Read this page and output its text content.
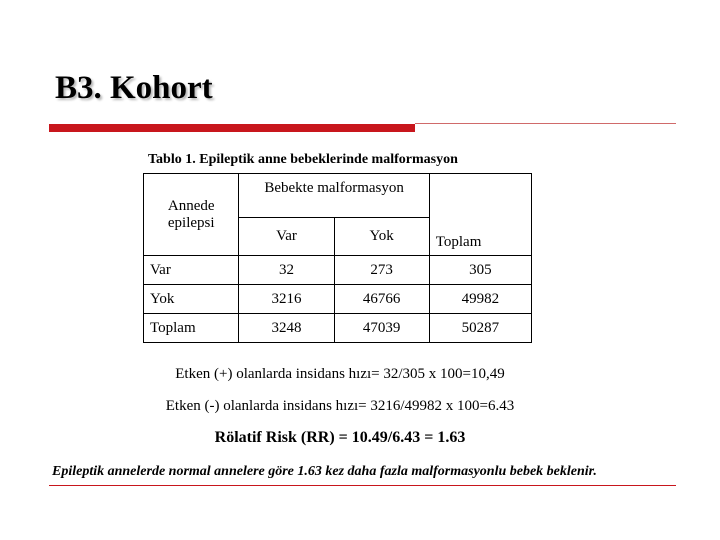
B3. Kohort
Tablo 1. Epileptik anne bebeklerinde malformasyon
Annede epilepsi	Bebekte malformasyon		Toplam
	Var	Yok	
Var	32	273	305
Yok	3216	46766	49982
Toplam	3248	47039	50287
Etken (+) olanlarda insidans hızı= 32/305 x 100=10,49
Etken (-) olanlarda insidans hızı= 3216/49982 x 100=6.43
Rölatif Risk (RR) = 10.49/6.43 = 1.63
Epileptik annelerde normal annelere göre 1.63 kez daha fazla malformasyonlu bebek beklenir.
